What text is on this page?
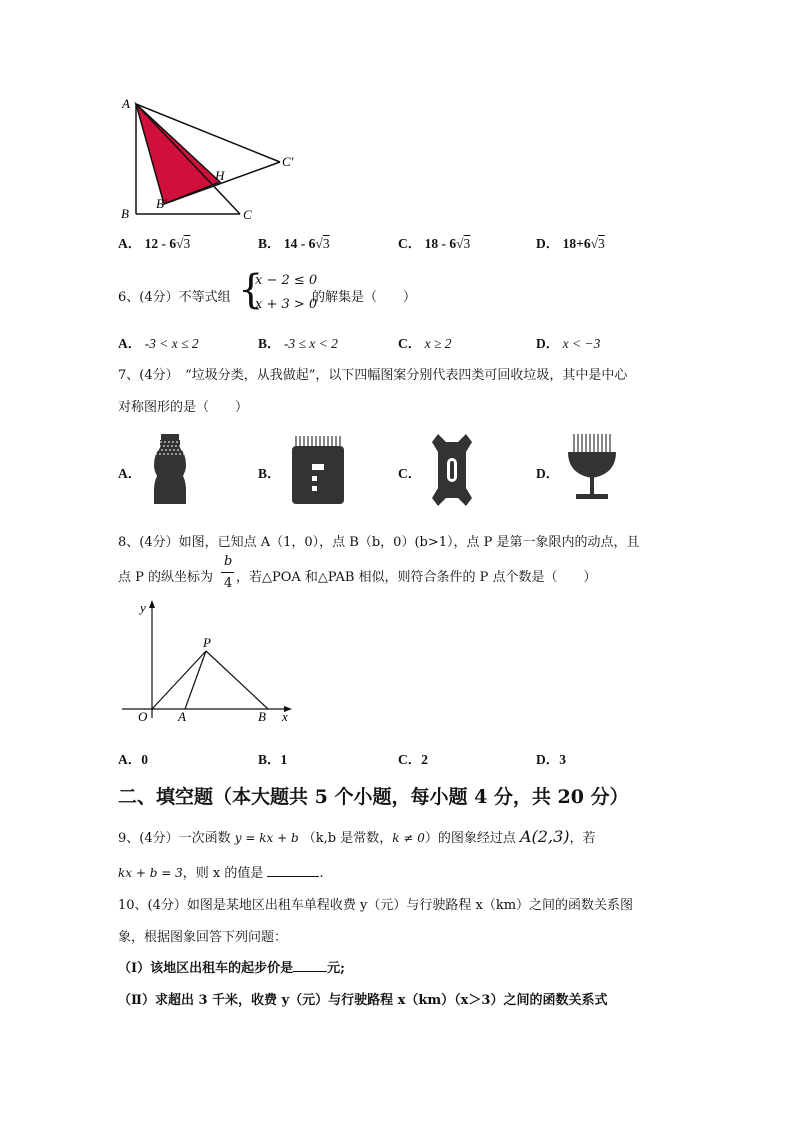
A
B	C
C′
B′
H
A． 12 - 6√3	B． 14 - 6√3	C． 18 - 6√3	D． 18+6√3
6、(4分）不等式组 {
x − 2 ≤ 0
x + 3 > 0
的解集是（　　）
A． -3 < x ≤ 2	B． -3 ≤ x < 2	C． x ≥ 2	D． x < −3
7、(4分）　“垃圾分类，从我做起”，以下四幅图案分别代表四类可回收垃圾，其中是中心
对称图形的是（　　）
A．	B．	C．	D．
8、(4分）如图，已知点 A（1，0），点 B（b，0）(b>1），点 P 是第一象限内的动点，且
点 P 的纵坐标为
b
4 ，若△POA 和△PAB 相似，则符合条件的 P 点个数是（　　）
y
x
O A	B
P
A．0	B．1	C．2	D．3
二、填空题（本大题共 5 个小题，每小题 4 分，共 20 分）
9、(4分）一次函数 y = kx + b （k,b 是常数，k ≠ 0）的图象经过点 A(2,3)，若
kx + b = 3，则 x 的值是	.
10、(4分）如图是某地区出租车单程收费 y（元）与行驶路程 x（km）之间的函数关系图
象，根据图象回答下列问题：
（Ⅰ）该地区出租车的起步价是	元;
（Ⅱ）求超出 3 千米，收费 y（元）与行驶路程 x（km）（x＞3）之间的函数关系式
